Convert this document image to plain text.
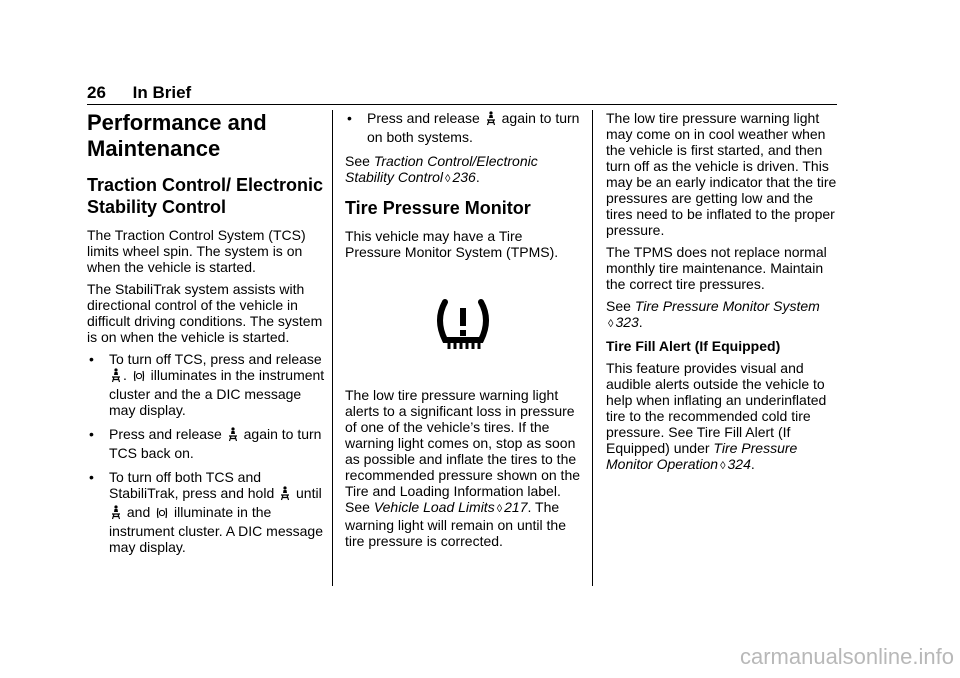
26 In Brief
Performance and Maintenance
Traction Control/ Electronic Stability Control

The Traction Control System (TCS) limits wheel spin. The system is on when the vehicle is started.

The StabiliTrak system assists with directional control of the vehicle in difficult driving conditions. The system is on when the vehicle is started.

• To turn off TCS, press and release . illuminates in the instrument cluster and the a DIC message may display.
• Press and release again to turn TCS back on.
• To turn off both TCS and StabiliTrak, press and hold until  and illuminate in the instrument cluster. A DIC message may display.
• Press and release again to turn on both systems.

See Traction Control/Electronic Stability Control ◊ 236.

Tire Pressure Monitor

This vehicle may have a Tire Pressure Monitor System (TPMS).

The low tire pressure warning light alerts to a significant loss in pressure of one of the vehicle’s tires. If the warning light comes on, stop as soon as possible and inflate the tires to the recommended pressure shown on the Tire and Loading Information label. See Vehicle Load Limits ◊ 217. The warning light will remain on until the tire pressure is corrected.

The low tire pressure warning light may come on in cool weather when the vehicle is first started, and then turn off as the vehicle is driven. This may be an early indicator that the tire pressures are getting low and the tires need to be inflated to the proper pressure.

The TPMS does not replace normal monthly tire maintenance. Maintain the correct tire pressures.

See Tire Pressure Monitor System
◊ 323.

Tire Fill Alert (If Equipped)

This feature provides visual and audible alerts outside the vehicle to help when inflating an underinflated tire to the recommended cold tire pressure. See Tire Fill Alert (If Equipped) under Tire Pressure Monitor Operation ◊ 324.

carmanualsonline.info
